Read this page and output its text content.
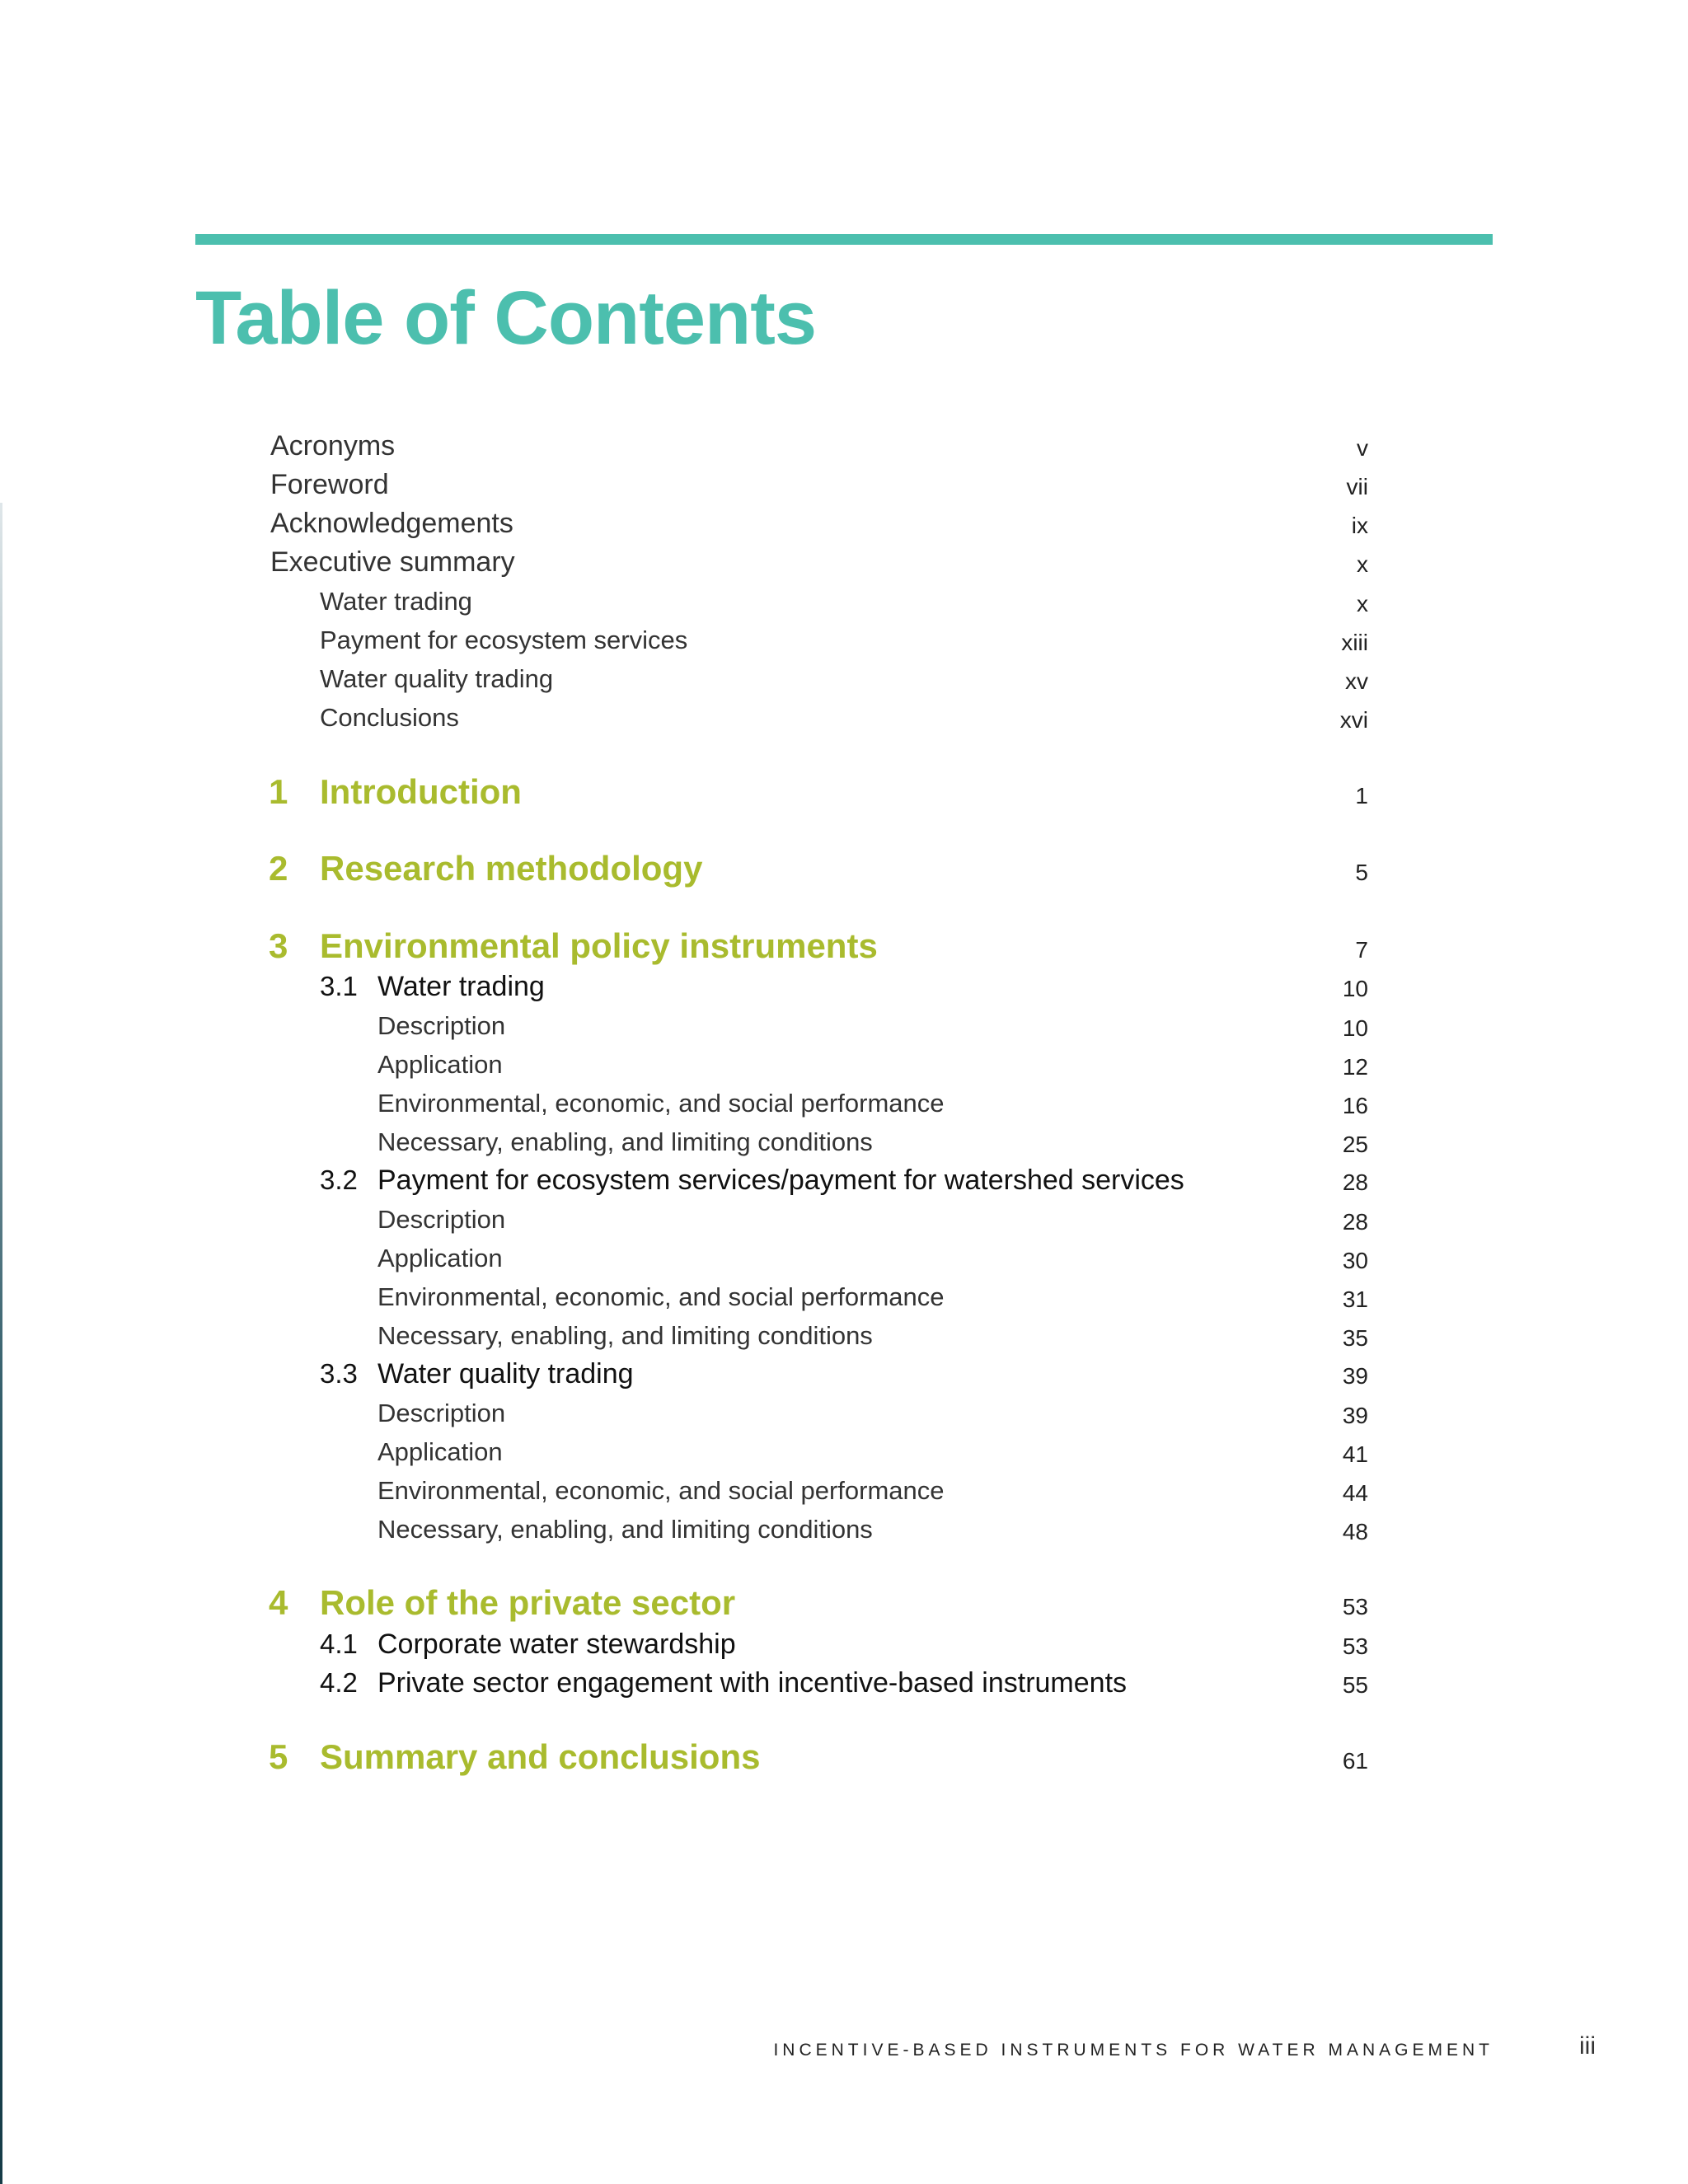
Table of Contents
Acronyms	v
Foreword	vii
Acknowledgements	ix
Executive summary	x
Water trading	x
Payment for ecosystem services	xiii
Water quality trading	xv
Conclusions	xvi
1 Introduction	1
2 Research methodology	5
3 Environmental policy instruments	7
3.1 Water trading	10
Description	10
Application	12
Environmental, economic, and social performance	16
Necessary, enabling, and limiting conditions	25
3.2 Payment for ecosystem services/payment for watershed services	28
Description	28
Application	30
Environmental, economic, and social performance	31
Necessary, enabling, and limiting conditions	35
3.3 Water quality trading	39
Description	39
Application	41
Environmental, economic, and social performance	44
Necessary, enabling, and limiting conditions	48
4 Role of the private sector	53
4.1 Corporate water stewardship	53
4.2 Private sector engagement with incentive-based instruments	55
5 Summary and conclusions	61
INCENTIVE-BASED INSTRUMENTS FOR WATER MANAGEMENT	iii
